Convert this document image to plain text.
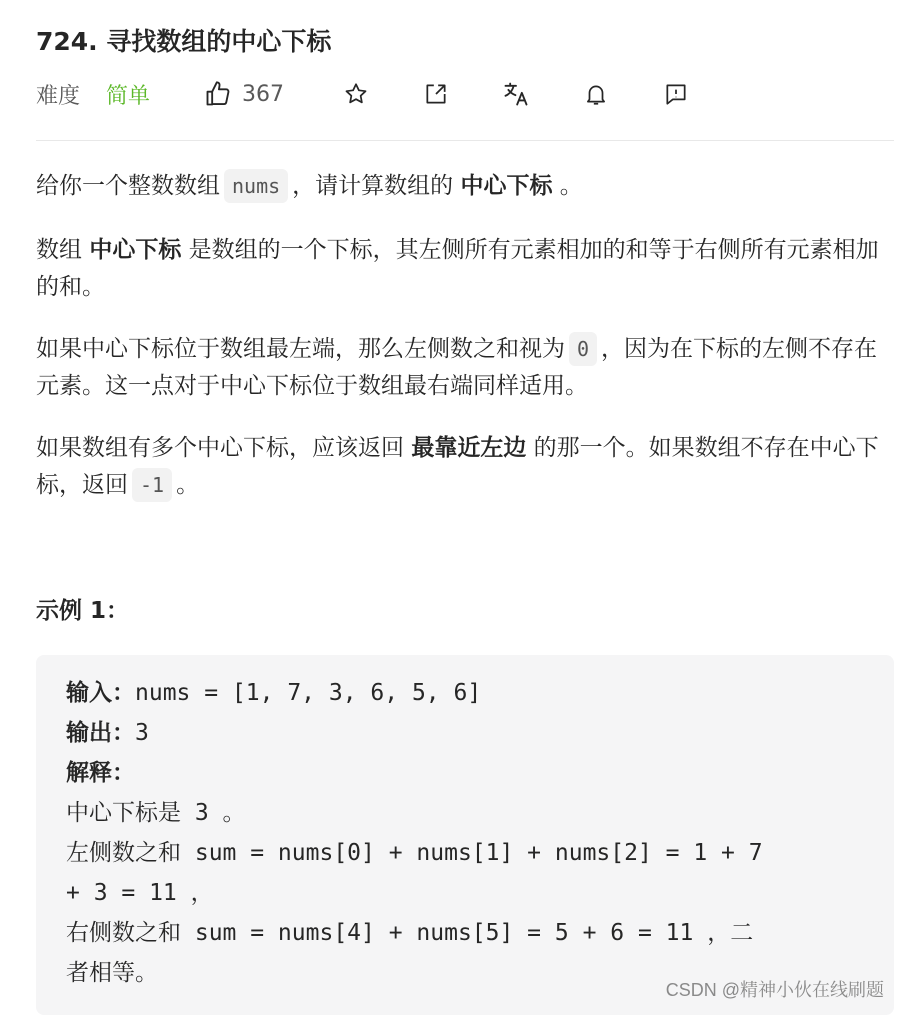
724. 寻找数组的中心下标
难度 简单	367
给你一个整数数组 nums ，请计算数组的 中心下标 。
数组 中心下标 是数组的一个下标，其左侧所有元素相加的和等于右侧所有元素相加的和。
如果中心下标位于数组最左端，那么左侧数之和视为 0 ，因为在下标的左侧不存在元素。这一点对于中心下标位于数组最右端同样适用。
如果数组有多个中心下标，应该返回 最靠近左边 的那一个。如果数组不存在中心下标，返回 -1 。
示例 1：
输入：nums = [1, 7, 3, 6, 5, 6]
输出：3
解释：
中心下标是 3 。
左侧数之和 sum = nums[0] + nums[1] + nums[2] = 1 + 7
+ 3 = 11 ，
右侧数之和 sum = nums[4] + nums[5] = 5 + 6 = 11 ，二
者相等。
CSDN @精神小伙在线刷题
